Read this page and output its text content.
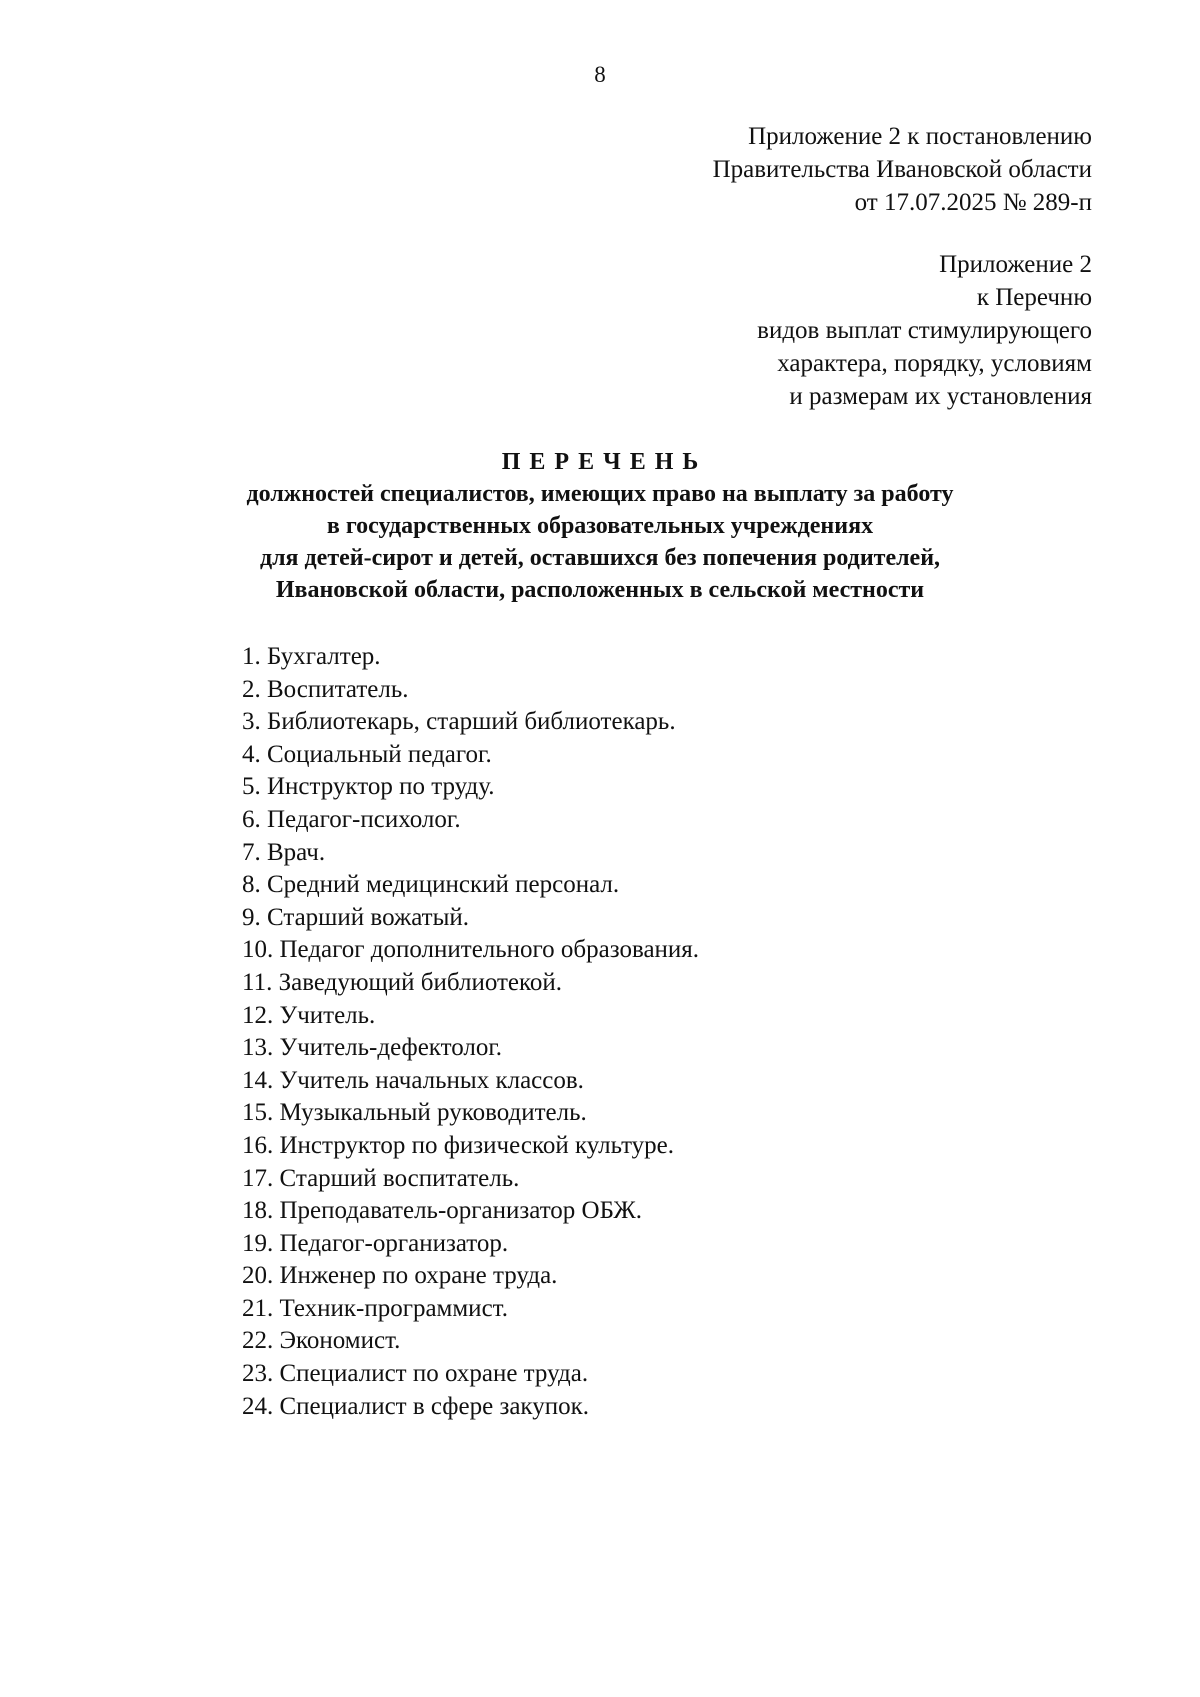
8
Приложение 2 к постановлению
Правительства Ивановской области
от 17.07.2025 № 289-п
Приложение 2
к Перечню
видов выплат стимулирующего
характера, порядку, условиям
и размерам их установления
ПЕРЕЧЕНЬ
должностей специалистов, имеющих право на выплату за работу
в государственных образовательных учреждениях
для детей-сирот и детей, оставшихся без попечения родителей,
Ивановской области, расположенных в сельской местности
1. Бухгалтер.
2. Воспитатель.
3. Библиотекарь, старший библиотекарь.
4. Социальный педагог.
5. Инструктор по труду.
6. Педагог-психолог.
7. Врач.
8. Средний медицинский персонал.
9. Старший вожатый.
10. Педагог дополнительного образования.
11. Заведующий библиотекой.
12. Учитель.
13. Учитель-дефектолог.
14. Учитель начальных классов.
15. Музыкальный руководитель.
16. Инструктор по физической культуре.
17. Старший воспитатель.
18. Преподаватель-организатор ОБЖ.
19. Педагог-организатор.
20. Инженер по охране труда.
21. Техник-программист.
22. Экономист.
23. Специалист по охране труда.
24. Специалист в сфере закупок.
